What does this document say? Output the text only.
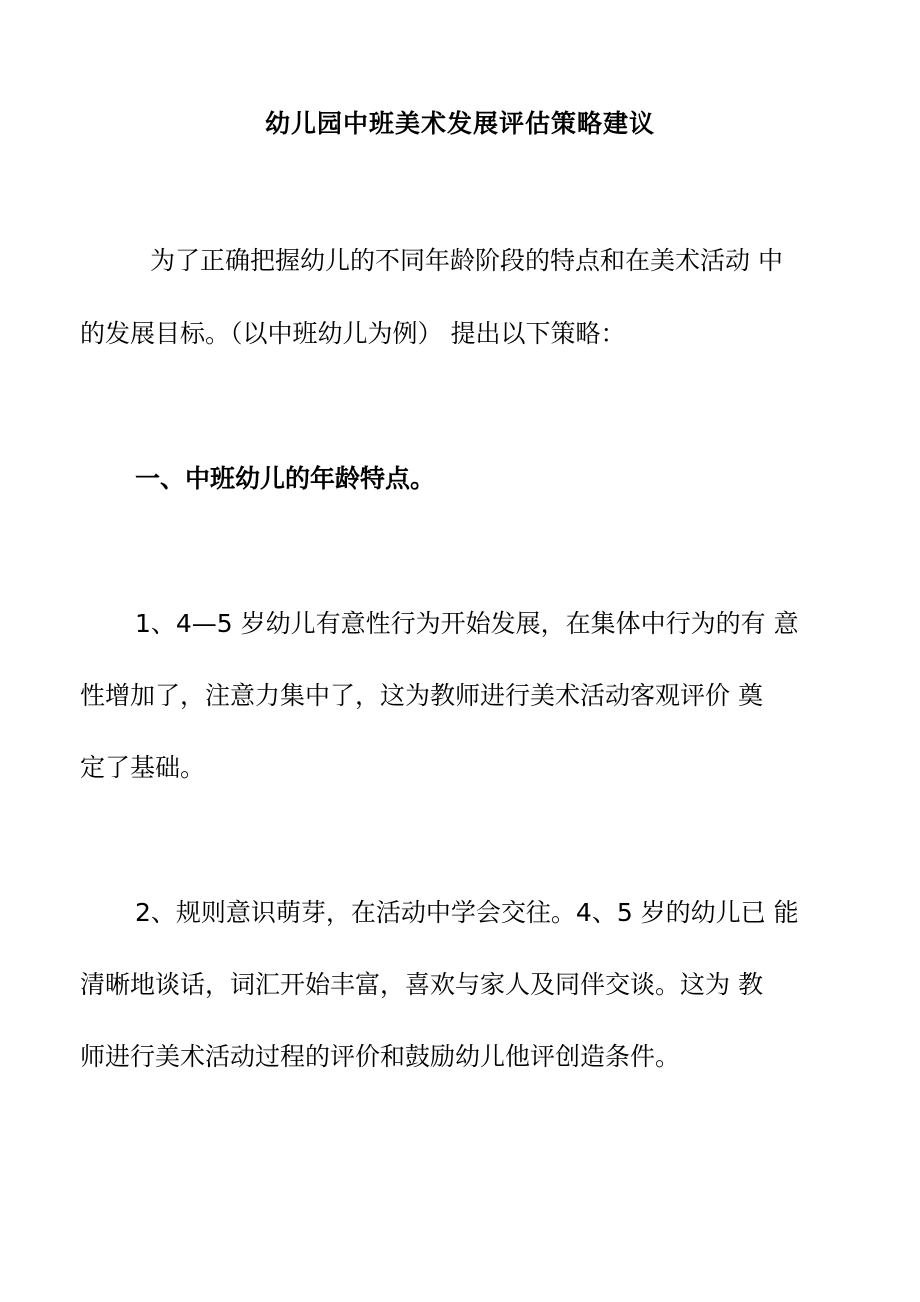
幼儿园中班美术发展评估策略建议
为了正确把握幼儿的不同年龄阶段的特点和在美术活动 中
的发展目标。（以中班幼儿为例） 提出以下策略：
一、中班幼儿的年龄特点。
1、4—5 岁幼儿有意性行为开始发展，在集体中行为的有 意
性增加了，注意力集中了，这为教师进行美术活动客观评价 奠
定了基础。
2、规则意识萌芽，在活动中学会交往。4、5 岁的幼儿已 能
清晰地谈话，词汇开始丰富，喜欢与家人及同伴交谈。这为 教
师进行美术活动过程的评价和鼓励幼儿他评创造条件。
